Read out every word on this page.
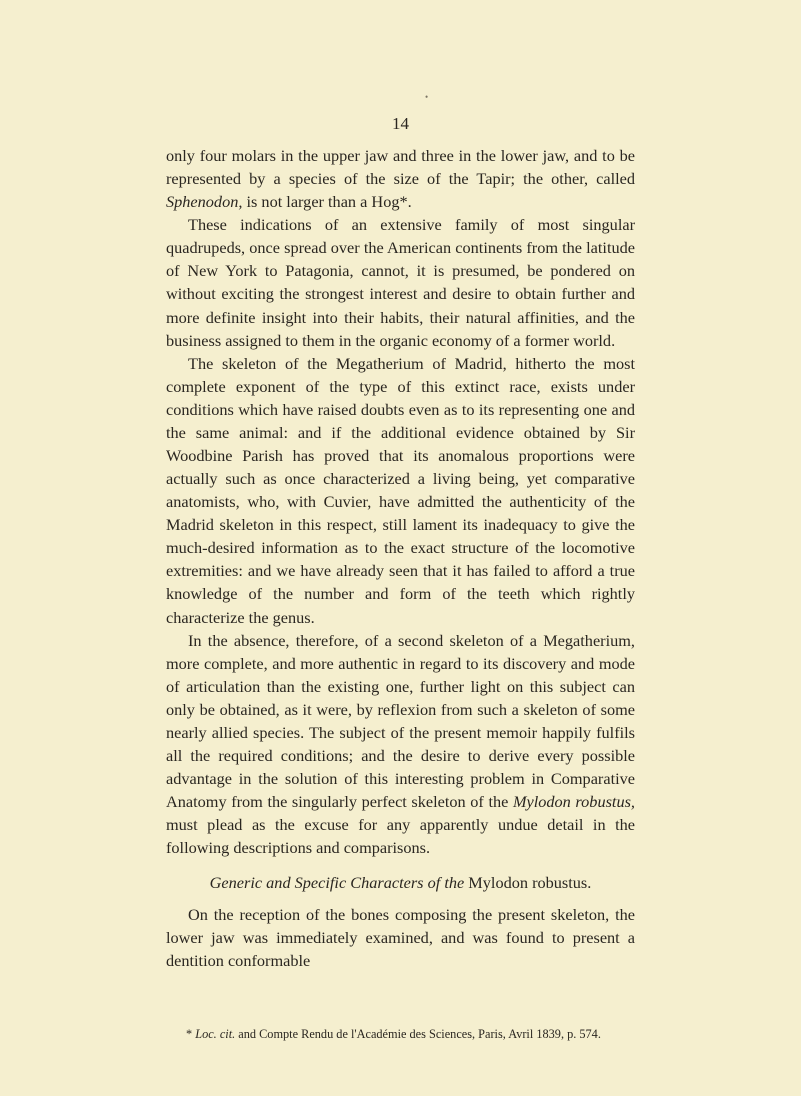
•
14

only four molars in the upper jaw and three in the lower jaw, and to be represented by a species of the size of the Tapir; the other, called Sphenodon, is not larger than a Hog*.

These indications of an extensive family of most singular quadrupeds, once spread over the American continents from the latitude of New York to Patagonia, cannot, it is presumed, be pondered on without exciting the strongest interest and desire to obtain further and more definite insight into their habits, their natural affinities, and the business assigned to them in the organic economy of a former world.

The skeleton of the Megatherium of Madrid, hitherto the most complete exponent of the type of this extinct race, exists under conditions which have raised doubts even as to its representing one and the same animal: and if the additional evidence obtained by Sir Woodbine Parish has proved that its anomalous proportions were actually such as once characterized a living being, yet comparative anatomists, who, with Cuvier, have admitted the authenticity of the Madrid skeleton in this respect, still lament its inadequacy to give the much-desired information as to the exact structure of the locomotive extremities: and we have already seen that it has failed to afford a true knowledge of the number and form of the teeth which rightly characterize the genus.

In the absence, therefore, of a second skeleton of a Megatherium, more complete, and more authentic in regard to its discovery and mode of articulation than the existing one, further light on this subject can only be obtained, as it were, by reflexion from such a skeleton of some nearly allied species. The subject of the present memoir happily fulfils all the required conditions; and the desire to derive every possible advantage in the solution of this interesting problem in Comparative Anatomy from the singularly perfect skeleton of the Mylodon robustus, must plead as the excuse for any apparently undue detail in the following descriptions and comparisons.

Generic and Specific Characters of the Mylodon robustus.

On the reception of the bones composing the present skeleton, the lower jaw was immediately examined, and was found to present a dentition conformable

* Loc. cit. and Compte Rendu de l'Académie des Sciences, Paris, Avril 1839, p. 574.
